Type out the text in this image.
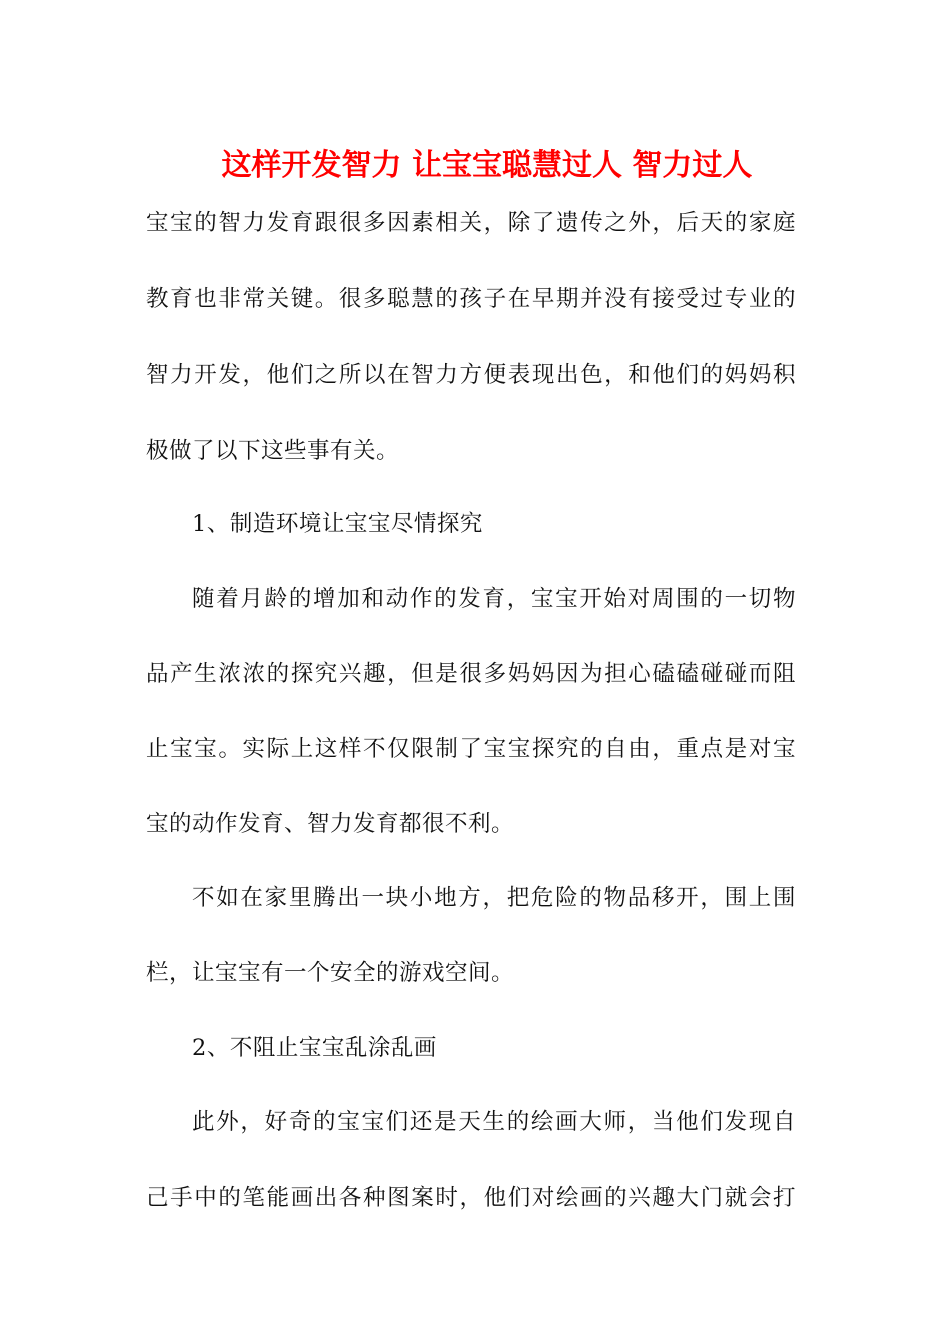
这样开发智力 让宝宝聪慧过人 智力过人
宝宝的智力发育跟很多因素相关，除了遗传之外，后天的家庭
教育也非常关键。很多聪慧的孩子在早期并没有接受过专业的
智力开发，他们之所以在智力方便表现出色，和他们的妈妈积
极做了以下这些事有关。
1、制造环境让宝宝尽情探究
随着月龄的增加和动作的发育，宝宝开始对周围的一切物
品产生浓浓的探究兴趣，但是很多妈妈因为担心磕磕碰碰而阻
止宝宝。实际上这样不仅限制了宝宝探究的自由，重点是对宝
宝的动作发育、智力发育都很不利。
不如在家里腾出一块小地方，把危险的物品移开，围上围
栏，让宝宝有一个安全的游戏空间。
2、不阻止宝宝乱涂乱画
此外，好奇的宝宝们还是天生的绘画大师，当他们发现自
己手中的笔能画出各种图案时，他们对绘画的兴趣大门就会打
